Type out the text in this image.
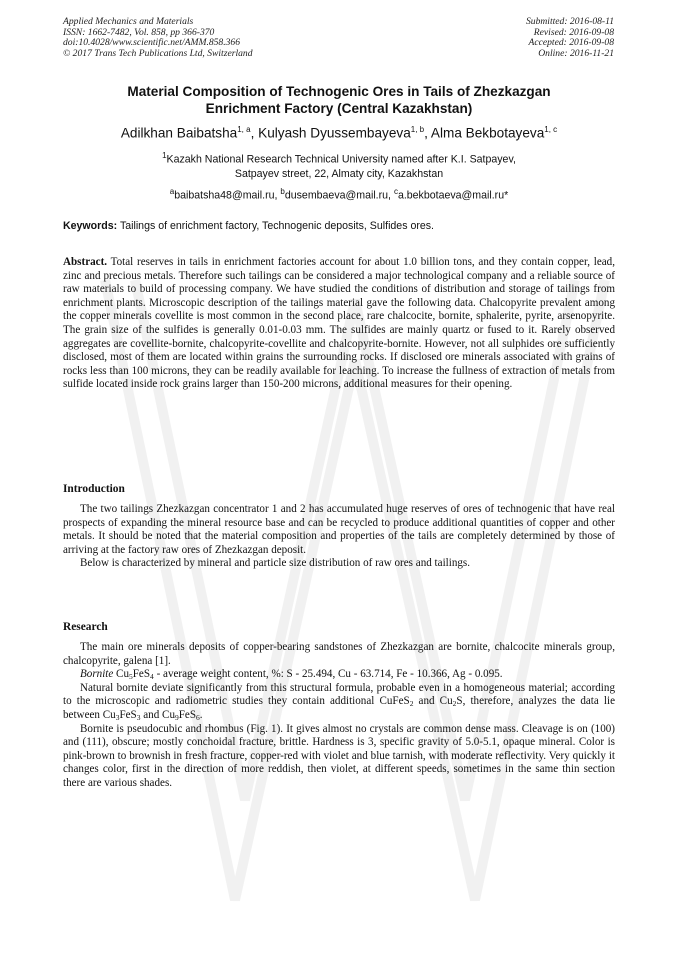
Applied Mechanics and Materials
ISSN: 1662-7482, Vol. 858, pp 366-370
doi:10.4028/www.scientific.net/AMM.858.366
© 2017 Trans Tech Publications Ltd, Switzerland
Submitted: 2016-08-11
Revised: 2016-09-08
Accepted: 2016-09-08
Online: 2016-11-21
Material Composition of Technogenic Ores in Tails of Zhezkazgan
Enrichment Factory (Central Kazakhstan)
Adilkhan Baibatsha$^{1, a}$, Kulyash Dyussembayeva$^{1, b}$, Alma Bekbotayeva$^{1, c}$
$^1$Kazakh National Research Technical University named after K.I. Satpayev,
Satpayev street, 22, Almaty city, Kazakhstan
$^a$baibatsha48@mail.ru, $^b$dusembaeva@mail.ru, $^c$a.bekbotaeva@mail.ru*
Keywords: Tailings of enrichment factory, Technogenic deposits, Sulfides ores.

Abstract. Total reserves in tails in enrichment factories account for about 1.0 billion tons, and they contain copper, lead, zinc and precious metals. Therefore such tailings can be considered a major technological company and a reliable source of raw materials to build of processing company. We have studied the conditions of distribution and storage of tailings from enrichment plants. Microscopic description of the tailings material gave the following data. Chalcopyrite prevalent among the copper minerals covellite is most common in the second place, rare chalcocite, bornite, sphalerite, pyrite, arsenopyrite. The grain size of the sulfides is generally 0.01-0.03 mm. The sulfides are mainly quartz or fused to it. Rarely observed aggregates are covellite-bornite, chalcopyrite-covellite and chalcopyrite-bornite. However, not all sulphides ore sufficiently disclosed, most of them are located within grains the surrounding rocks. If disclosed ore minerals associated with grains of rocks less than 100 microns, they can be readily available for leaching. To increase the fullness of extraction of metals from sulfide located inside rock grains larger than 150-200 microns, additional measures for their opening.

Introduction

The two tailings Zhezkazgan concentrator 1 and 2 has accumulated huge reserves of ores of technogenic that have real prospects of expanding the mineral resource base and can be recycled to produce additional quantities of copper and other metals. It should be noted that the material composition and properties of the tails are completely determined by those of arriving at the factory raw ores of Zhezkazgan deposit.

Below is characterized by mineral and particle size distribution of raw ores and tailings.

Research

The main ore minerals deposits of copper-bearing sandstones of Zhezkazgan are bornite, chalcocite minerals group, chalcopyrite, galena [1].

Bornite $Cu_5FeS_4$ - average weight content, %: S - 25.494, Cu - 63.714, Fe - 10.366, Ag - 0.095.

Natural bornite deviate significantly from this structural formula, probable even in a homogeneous material; according to the microscopic and radiometric studies they contain additional CuFeS$_2$ and $Cu_2S$, therefore, analyzes the data lie between $Cu_3FeS_3$ and $Cu_9FeS_6$.

Bornite is pseudocubic and rhombus (Fig. 1). It gives almost no crystals are common dense mass. Cleavage is on (100) and (111), obscure; mostly conchoidal fracture, brittle. Hardness is 3, specific gravity of 5.0-5.1, opaque mineral. Color is pink-brown to brownish in fresh fracture, copper-red with violet and blue tarnish, with moderate reflectivity. Very quickly it changes color, first in the direction of more reddish, then violet, at different speeds, sometimes in the same thin section there are various shades.
